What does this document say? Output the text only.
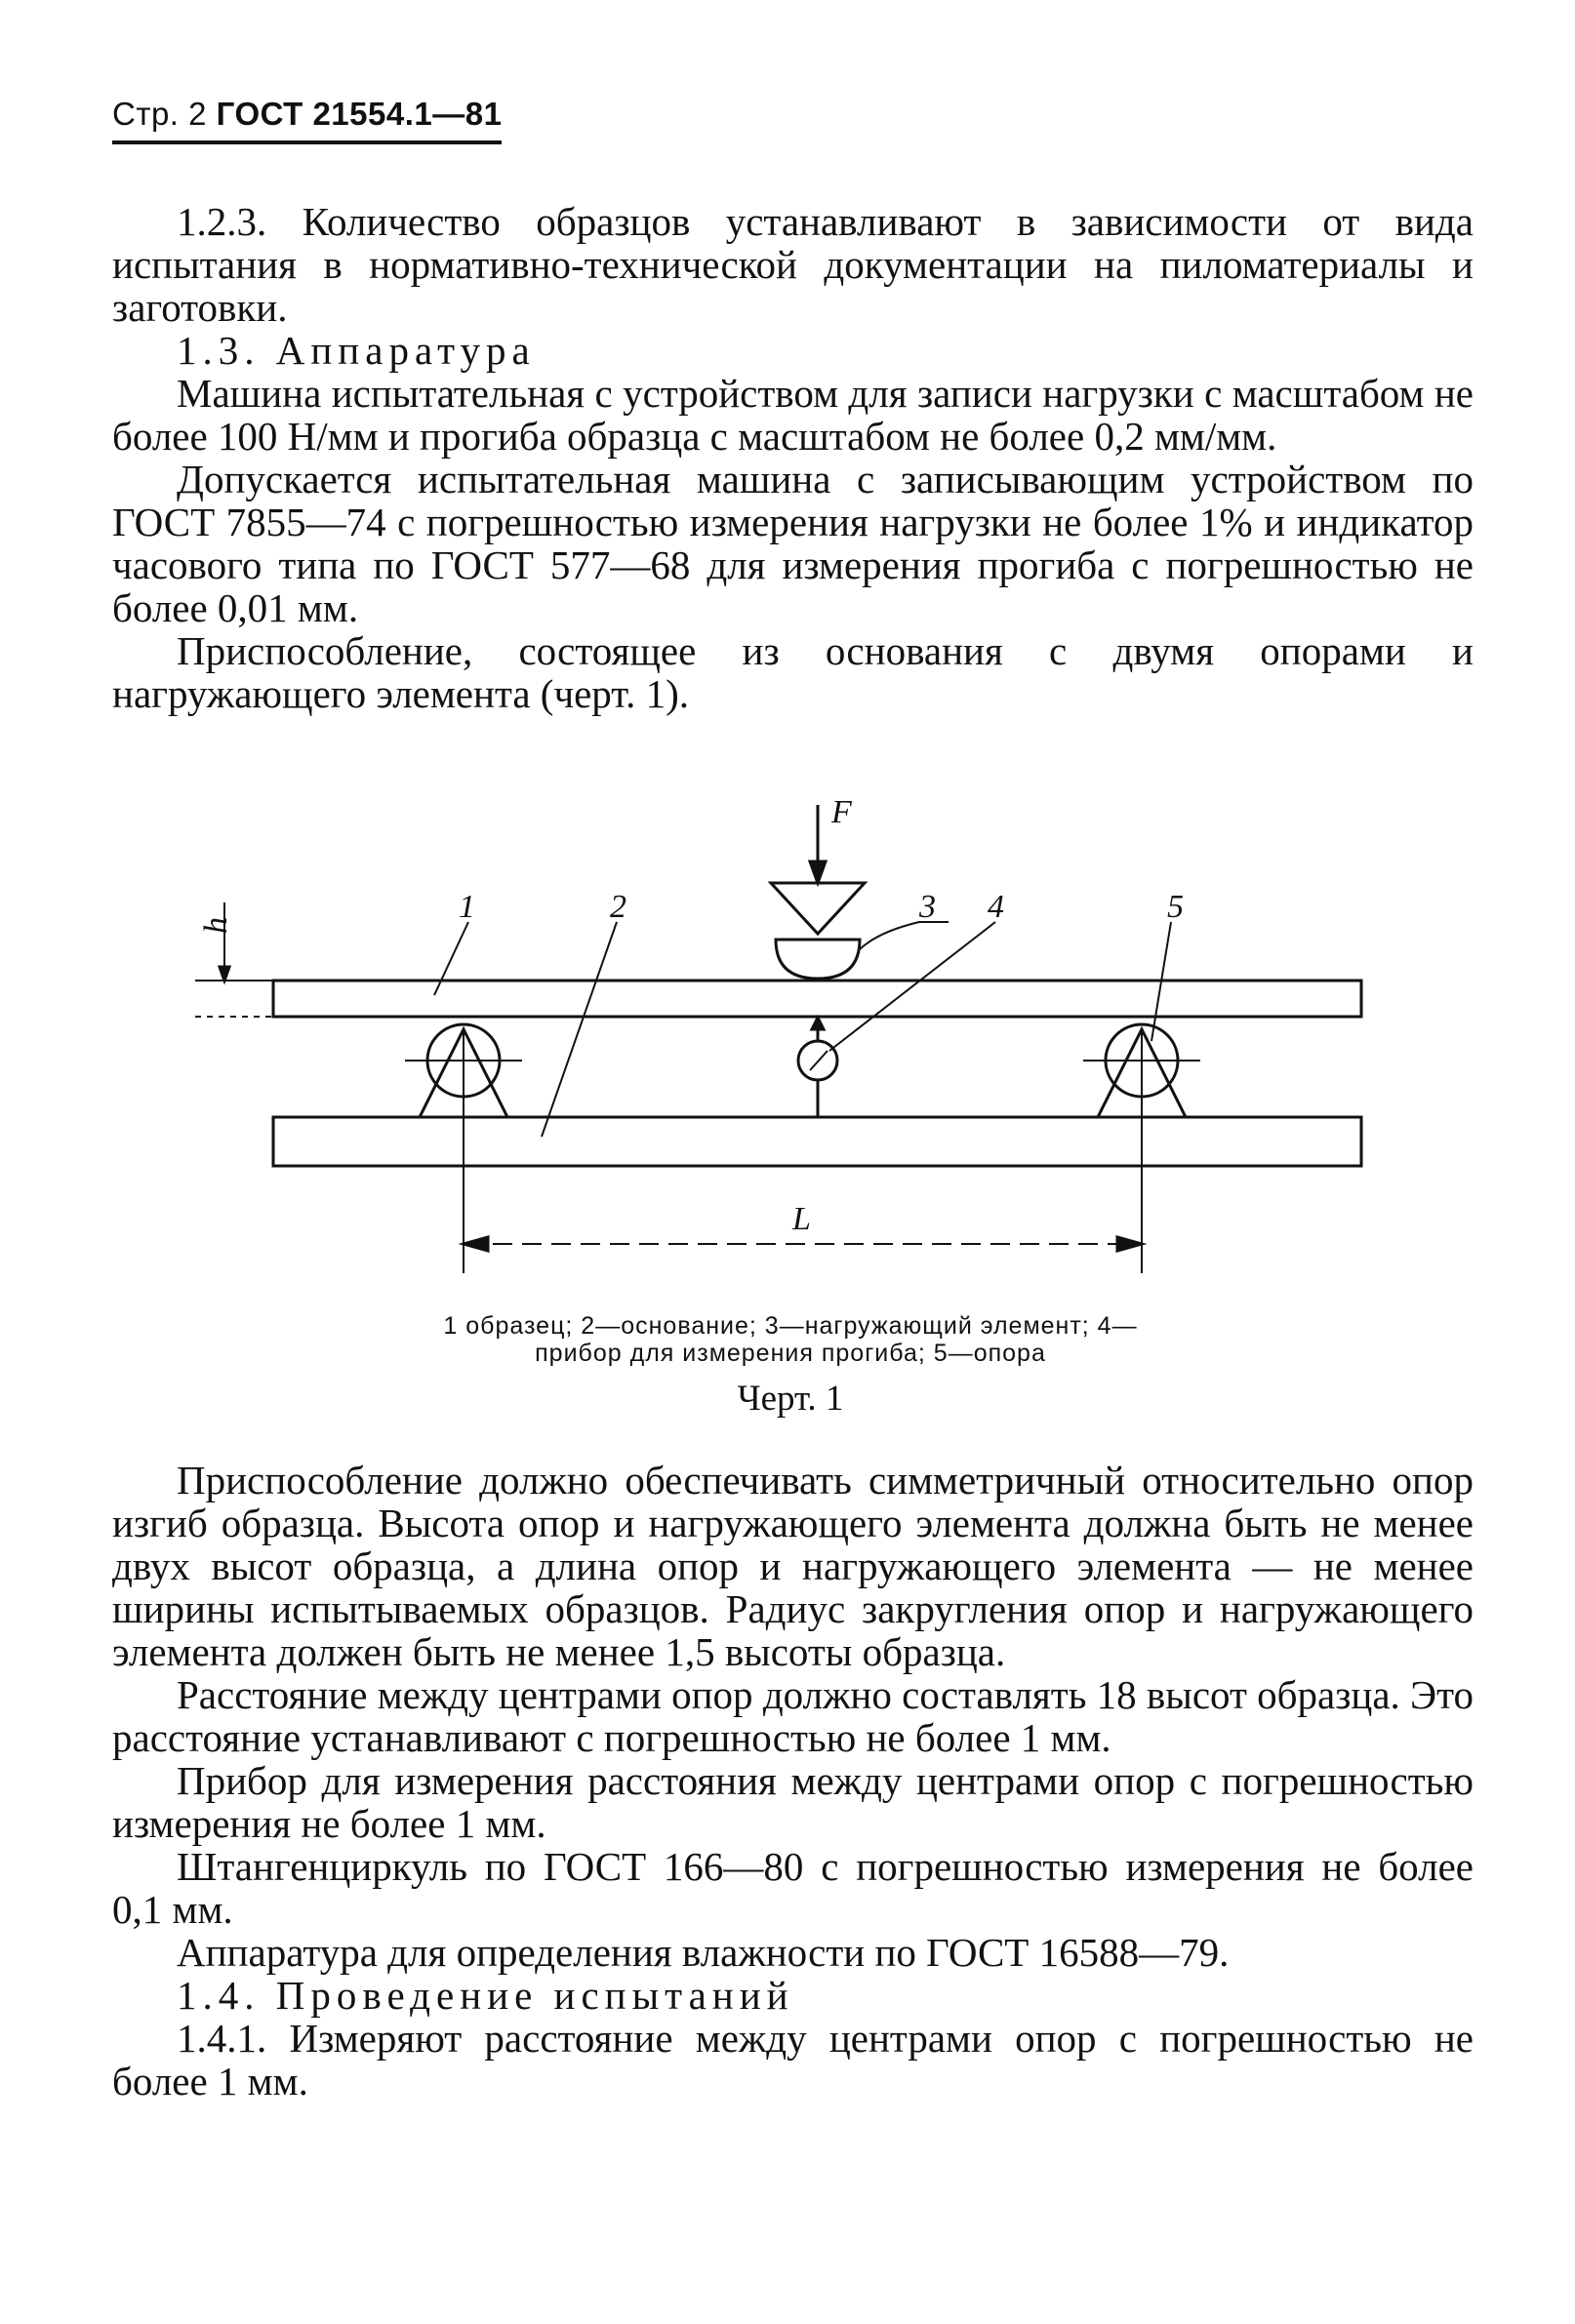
Стр. 2 ГОСТ 21554.1—81

1.2.3. Количество образцов устанавливают в зависимости от вида испытания в нормативно-технической документации на пиломатериалы и заготовки.

1.3. Аппаратура

Машина испытательная с устройством для записи нагрузки с масштабом не более 100 Н/мм и прогиба образца с масштабом не более 0,2 мм/мм.

Допускается испытательная машина с записывающим устройством по ГОСТ 7855—74 с погрешностью измерения нагрузки не более 1% и индикатор часового типа по ГОСТ 577—68 для измерения прогиба с погрешностью не более 0,01 мм.

Приспособление, состоящее из основания с двумя опорами и нагружающего элемента (черт. 1).

F
h
1	2	3 4	5
L
1 образец; 2—основание; 3—нагружающий элемент; 4—
прибор для измерения прогиба; 5—опора
Черт. 1

Приспособление должно обеспечивать симметричный относительно опор изгиб образца. Высота опор и нагружающего элемента должна быть не менее двух высот образца, а длина опор и нагружающего элемента — не менее ширины испытываемых образцов. Радиус закругления опор и нагружающего элемента должен быть не менее 1,5 высоты образца.

Расстояние между центрами опор должно составлять 18 высот образца. Это расстояние устанавливают с погрешностью не более 1 мм.

Прибор для измерения расстояния между центрами опор с погрешностью измерения не более 1 мм.

Штангенциркуль по ГОСТ 166—80 с погрешностью измерения не более 0,1 мм.

Аппаратура для определения влажности по ГОСТ 16588—79.

1.4. Проведение испытаний

1.4.1. Измеряют расстояние между центрами опор с погрешностью не более 1 мм.
